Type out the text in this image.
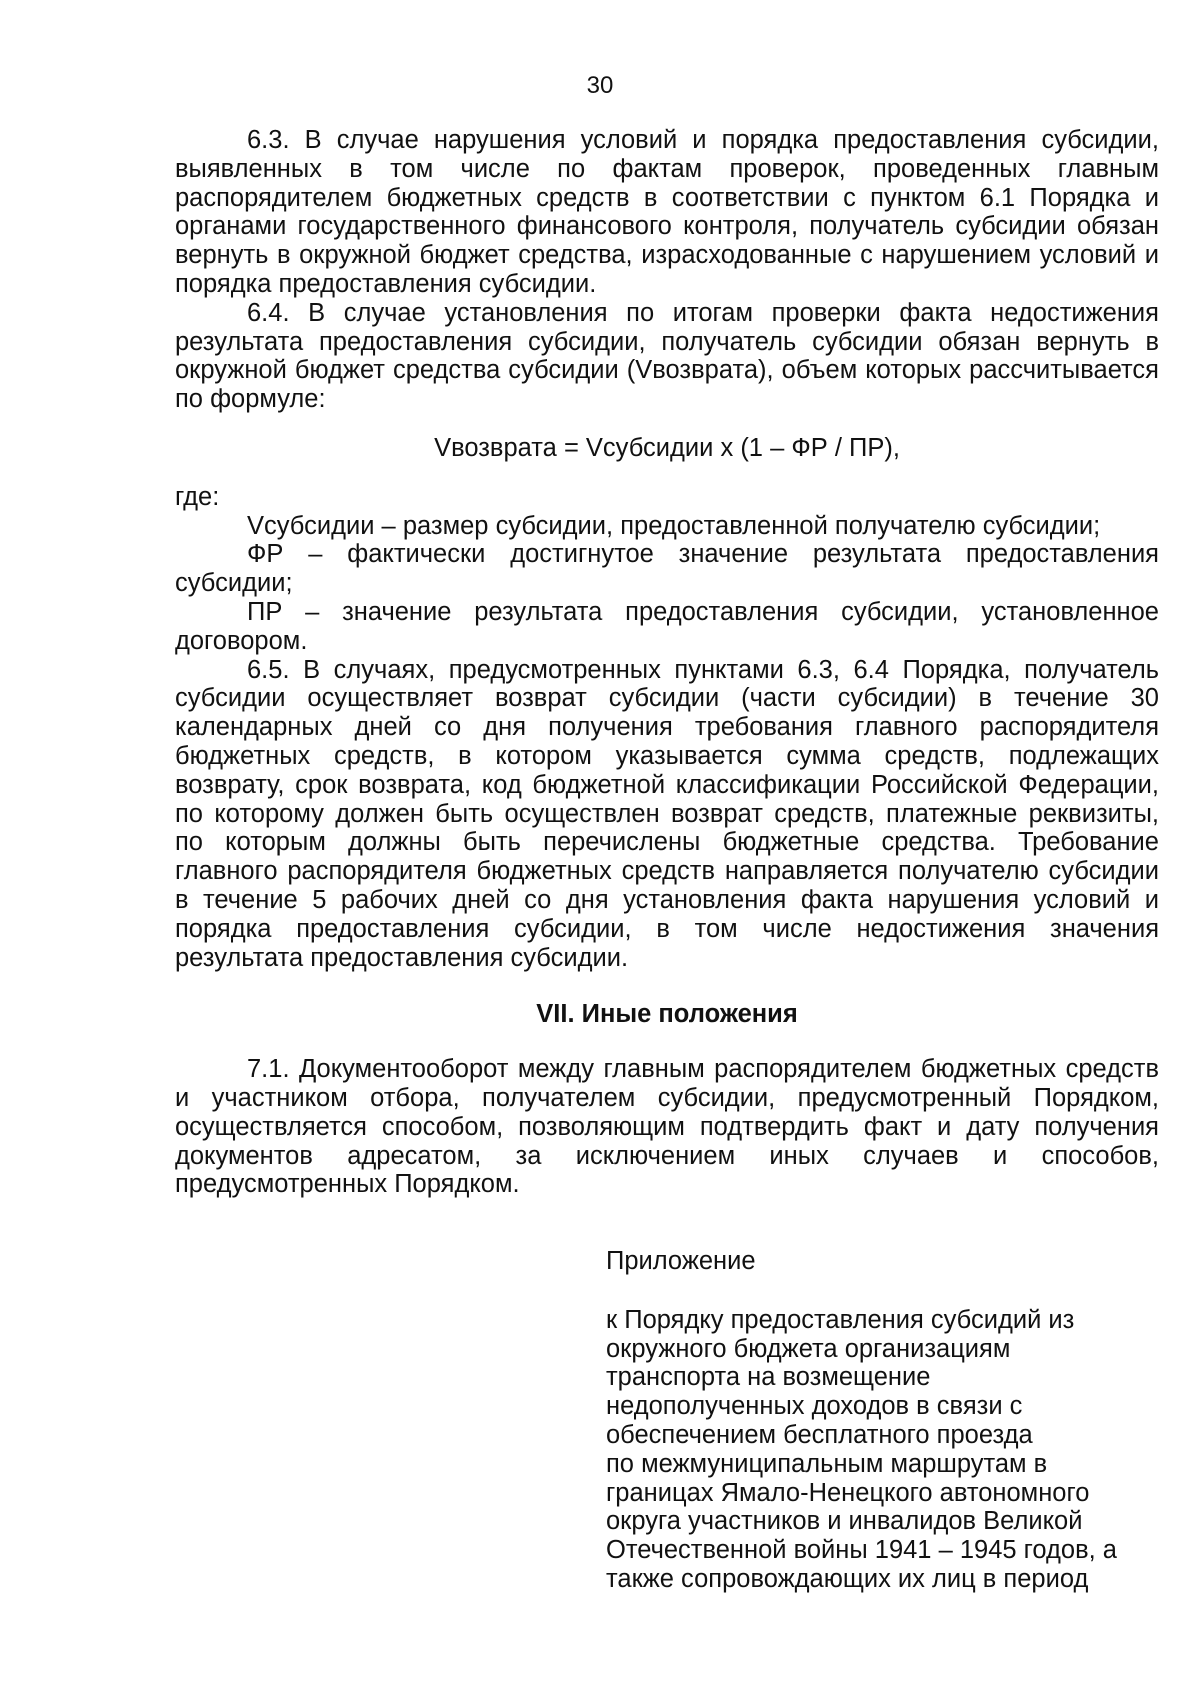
30

6.3. В случае нарушения условий и порядка предоставления субсидии, выявленных в том числе по фактам проверок, проведенных главным распорядителем бюджетных средств в соответствии с пунктом 6.1 Порядка и органами государственного финансового контроля, получатель субсидии обязан вернуть в окружной бюджет средства, израсходованные с нарушением условий и порядка предоставления субсидии.

6.4. В случае установления по итогам проверки факта недостижения результата предоставления субсидии, получатель субсидии обязан вернуть в окружной бюджет средства субсидии (Vвозврата), объем которых рассчитывается по формуле:

Vвозврата = Vсубсидии х (1 – ФР / ПР),

где:

Vсубсидии – размер субсидии, предоставленной получателю субсидии;

ФР – фактически достигнутое значение результата предоставления субсидии;

ПР – значение результата предоставления субсидии, установленное договором.

6.5. В случаях, предусмотренных пунктами 6.3, 6.4 Порядка, получатель субсидии осуществляет возврат субсидии (части субсидии) в течение 30 календарных дней со дня получения требования главного распорядителя бюджетных средств, в котором указывается сумма средств, подлежащих возврату, срок возврата, код бюджетной классификации Российской Федерации, по которому должен быть осуществлен возврат средств, платежные реквизиты, по которым должны быть перечислены бюджетные средства. Требование главного распорядителя бюджетных средств направляется получателю субсидии в течение 5 рабочих дней со дня установления факта нарушения условий и порядка предоставления субсидии, в том числе недостижения значения результата предоставления субсидии.

VII. Иные положения

7.1. Документооборот между главным распорядителем бюджетных средств и участником отбора, получателем субсидии, предусмотренный Порядком, осуществляется способом, позволяющим подтвердить факт и дату получения документов адресатом, за исключением иных случаев и способов, предусмотренных Порядком.

Приложение

к Порядку предоставления субсидий из
окружного бюджета организациям
транспорта на возмещение
недополученных доходов в связи с
обеспечением бесплатного проезда
по межмуниципальным маршрутам в
границах Ямало-Ненецкого автономного
округа участников и инвалидов Великой
Отечественной войны 1941 – 1945 годов, а
также сопровождающих их лиц в период
